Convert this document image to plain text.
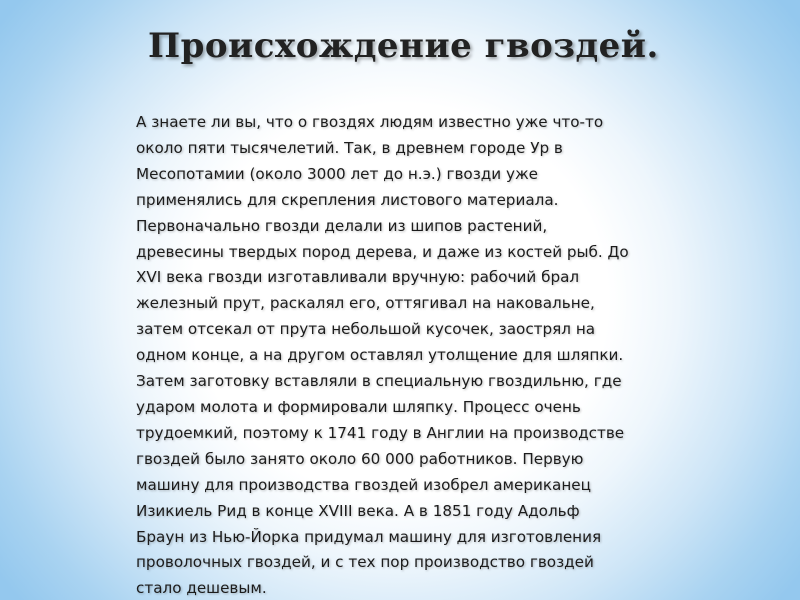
Происхождение гвоздей.
А знаете ли вы, что о гвоздях людям известно уже что-то
около пяти тысячелетий. Так, в древнем городе Ур в
Месопотамии (около 3000 лет до н.э.) гвозди уже
применялись для скрепления листового материала.
Первоначально гвозди делали из шипов растений,
древесины твердых пород дерева, и даже из костей рыб. До
XVI века гвозди изготавливали вручную: рабочий брал
железный прут, раскалял его, оттягивал на наковальне,
затем отсекал от прута небольшой кусочек, заострял на
одном конце, а на другом оставлял утолщение для шляпки.
Затем заготовку вставляли в специальную гвоздильню, где
ударом молота и формировали шляпку. Процесс очень
трудоемкий, поэтому к 1741 году в Англии на производстве
гвоздей было занято около 60 000 работников. Первую
машину для производства гвоздей изобрел американец
Изикиель Рид в конце XVIII века. А в 1851 году Адольф
Браун из Нью-Йорка придумал машину для изготовления
проволочных гвоздей, и с тех пор производство гвоздей
стало дешевым.
